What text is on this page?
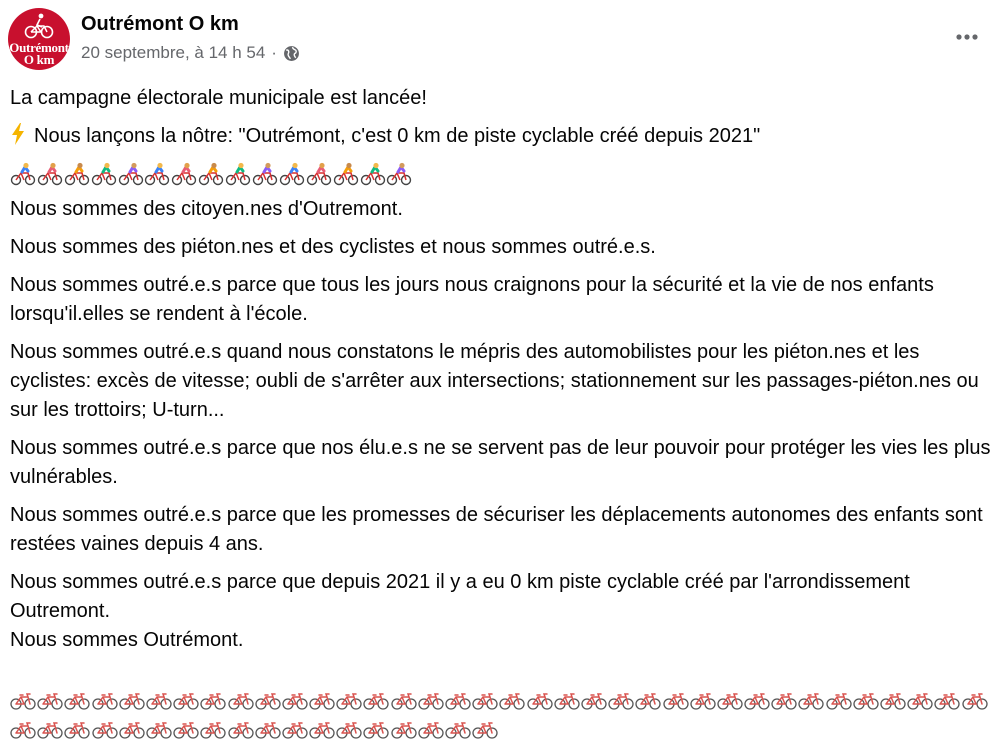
Outrémont
O km
Outrémont O km
20 septembre, à 14 h 54 ·

La campagne électorale municipale est lancée!

Nous lançons la nôtre: "Outrémont, c'est 0 km de piste cyclable créé depuis 2021"

Nous sommes des citoyen.nes d'Outremont.

Nous sommes des piéton.nes et des cyclistes et nous sommes outré.e.s.

Nous sommes outré.e.s parce que tous les jours nous craignons pour la sécurité et la vie de nos enfants lorsqu'il.elles se rendent à l'école.

Nous sommes outré.e.s quand nous constatons le mépris des automobilistes pour les piéton.nes et les cyclistes: excès de vitesse; oubli de s'arrêter aux intersections; stationnement sur les passages-piéton.nes ou sur les trottoirs; U-turn...

Nous sommes outré.e.s parce que nos élu.e.s ne se servent pas de leur pouvoir pour protéger les vies les plus vulnérables.

Nous sommes outré.e.s parce que les promesses de sécuriser les déplacements autonomes des enfants sont restées vaines depuis 4 ans.

Nous sommes outré.e.s parce que depuis 2021 il y a eu 0 km piste cyclable créé par l'arrondissement Outremont.

Nous sommes Outrémont.
